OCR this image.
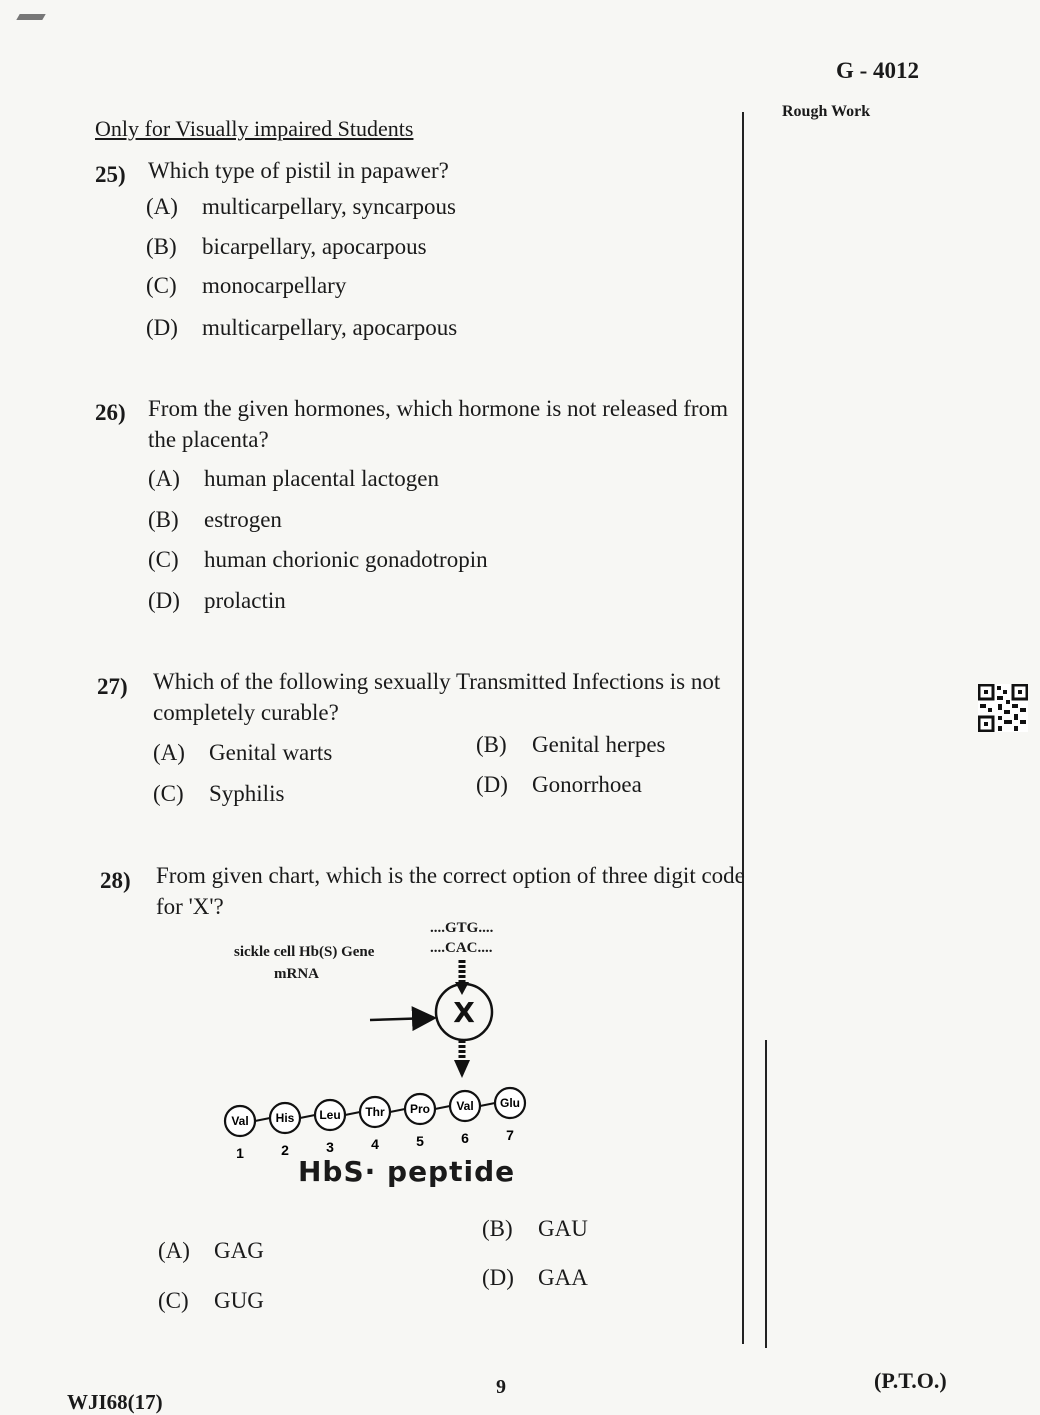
G - 4012
Rough Work
Only for Visually impaired Students
25) Which type of pistil in papawer?
(A) multicarpellary, syncarpous
(B) bicarpellary, apocarpous
(C) monocarpellary
(D) multicarpellary, apocarpous
26) From the given hormones, which hormone is not released from the placenta?
(A) human placental lactogen
(B) estrogen
(C) human chorionic gonadotropin
(D) prolactin
27) Which of the following sexually Transmitted Infections is not completely curable?
(A) Genital warts	(B) Genital herpes
(C) Syphilis	(D) Gonorrhoea
28) From given chart, which is the correct option of three digit code for 'X'?
sickle cell Hb(S) Gene
mRNA
....GTG....
....CAC....
X
Val
1
His
2
Leu
3
Thr
4
Pro
5
Val
6
Glu
7
HbS· peptide
(A) GAG
(B) GAU
(C) GUG
(D) GAA
WJI68(17)
9	(P.T.O.)
